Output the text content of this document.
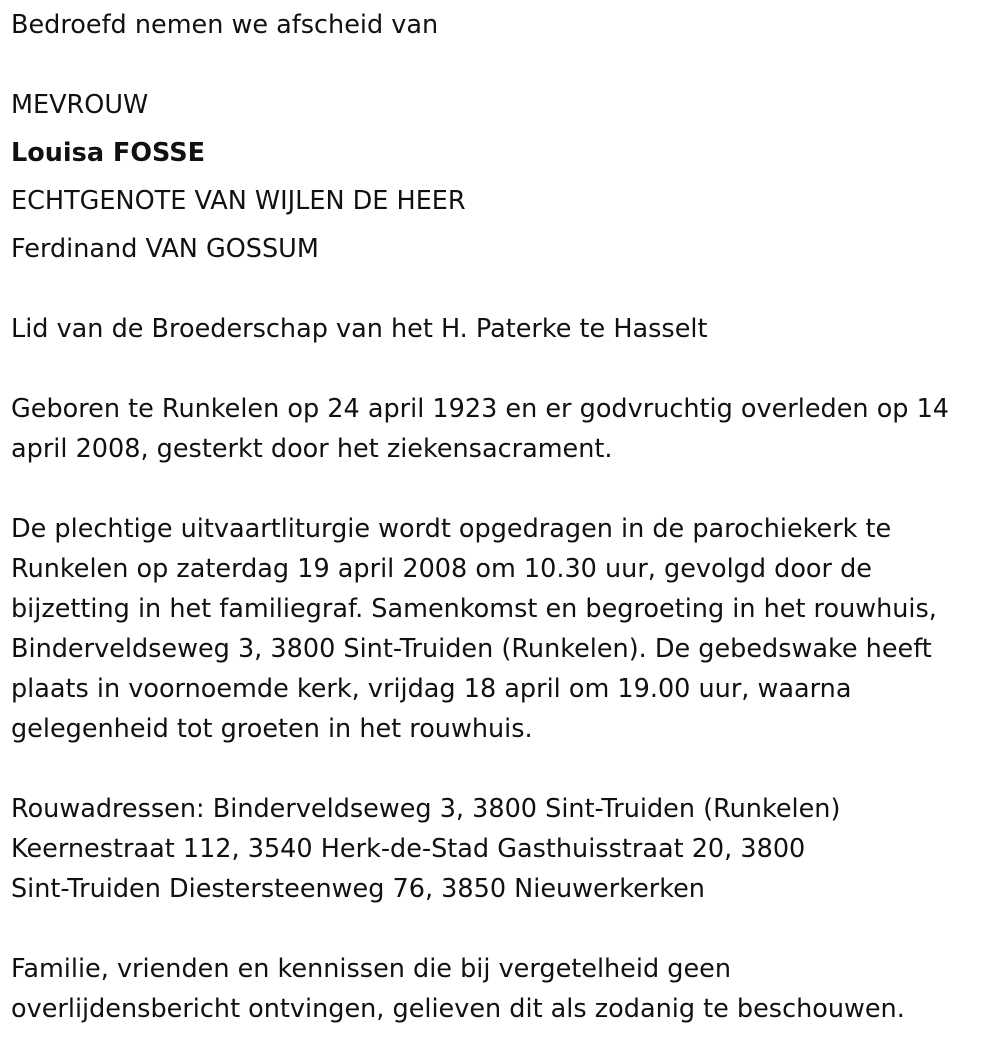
Bedroefd nemen we afscheid van
MEVROUW
Louisa FOSSE
ECHTGENOTE VAN WIJLEN DE HEER
Ferdinand VAN GOSSUM
Lid van de Broederschap van het H. Paterke te Hasselt
Geboren te Runkelen op 24 april 1923 en er godvruchtig overleden op 14
april 2008, gesterkt door het ziekensacrament.
De plechtige uitvaartliturgie wordt opgedragen in de parochiekerk te
Runkelen op zaterdag 19 april 2008 om 10.30 uur, gevolgd door de
bijzetting in het familiegraf. Samenkomst en begroeting in het rouwhuis,
Binderveldseweg 3, 3800 Sint-Truiden (Runkelen). De gebedswake heeft
plaats in voornoemde kerk, vrijdag 18 april om 19.00 uur, waarna
gelegenheid tot groeten in het rouwhuis.
Rouwadressen: Binderveldseweg 3, 3800 Sint-Truiden (Runkelen)
Keernestraat 112, 3540 Herk-de-Stad Gasthuisstraat 20, 3800
Sint-Truiden Diestersteenweg 76, 3850 Nieuwerkerken
Familie, vrienden en kennissen die bij vergetelheid geen
overlijdensbericht ontvingen, gelieven dit als zodanig te beschouwen.
